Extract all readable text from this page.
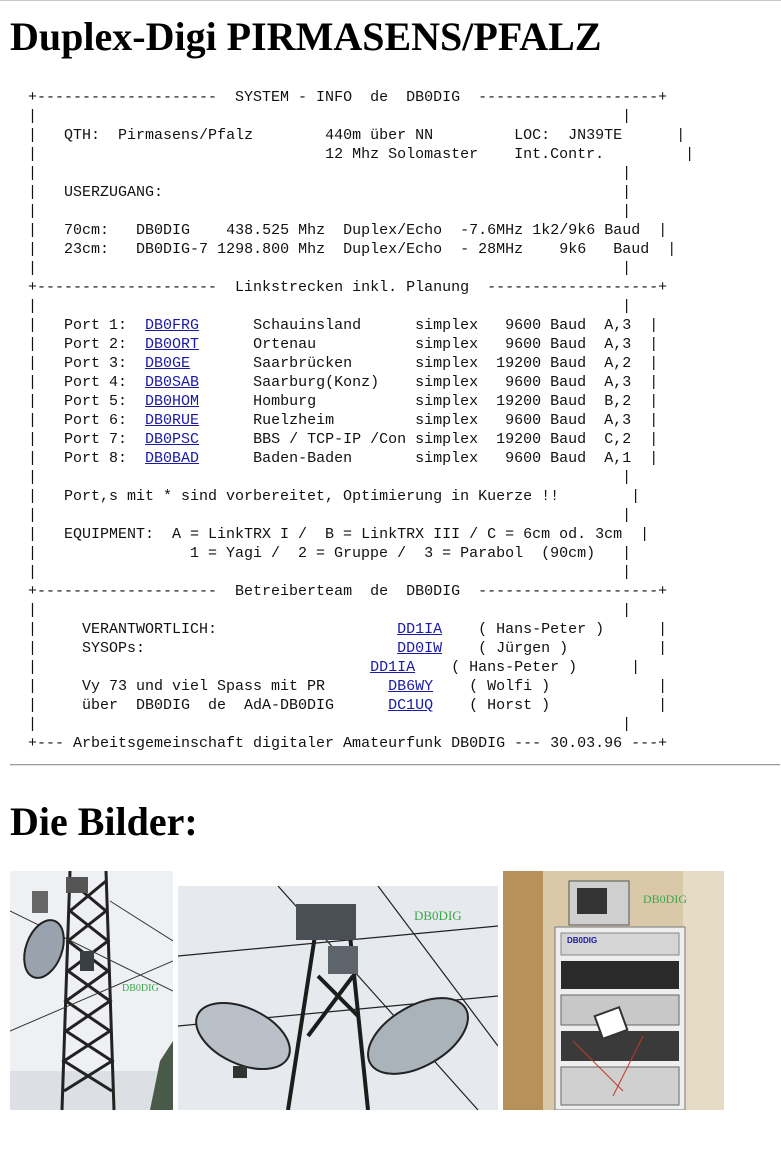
Duplex-Digi PIRMASENS/PFALZ
+--------------------  SYSTEM - INFO  de  DB0DIG  --------------------+
|                                                                 |
|   QTH: Pirmasens/Pfalz	440m über NN	LOC: JN39TE	|
|	12 Mhz Solomaster Int.Contr.	|
|                                                                 |
|   USERZUGANG:	|
|                                                                 |
|   70cm: DB0DIG 438.525 Mhz Duplex/Echo -7.6MHz 1k2/9k6 Baud  |
|   23cm: DB0DIG-7 1298.800 Mhz Duplex/Echo - 28MHz 9k6 Baud  |
|                                                                 |
+--------------------  Linkstrecken inkl. Planung  -------------------+
|                                                                 |
|   Port 1: DB0FRG	Schauinsland	simplex 9600 Baud A,3  |
|   Port 2: DB0ORT	Ortenau	simplex 9600 Baud A,3  |
|   Port 3: DB0GE	Saarbrücken	simplex 19200 Baud A,2  |
|   Port 4: DB0SAB	Saarburg(Konz) simplex 9600 Baud A,3  |
|   Port 5: DB0HOM	Homburg	simplex 19200 Baud B,2  |
|   Port 6: DB0RUE	Ruelzheim	simplex 9600 Baud A,3  |
|   Port 7: DB0PSC	BBS / TCP-IP /Con simplex 19200 Baud C,2  |
|   Port 8: DB0BAD	Baden-Baden	simplex 9600 Baud A,1  |
|                                                                 |
|   Port,s mit * sind vorbereitet, Optimierung in Kuerze !!	|
|                                                                 |
|   EQUIPMENT:  A = LinkTRX I /  B = LinkTRX III / C = 6cm od. 3cm  |
|	1 = Yagi /  2 = Gruppe /  3 = Parabol  (90cm)   |
|                                                                 |
+--------------------  Betreiberteam  de  DB0DIG  --------------------+
|                                                                 |
|	VERANTWORTLICH:	DD1IA ( Hans-Peter )	|
|	SYSOPs:	DD0IW ( Jürgen )	|
|	DD1IA ( Hans-Peter )	|
|	Vy 73 und viel Spass mit PR	DB6WY ( Wolfi )	|
|	über  DB0DIG  de  AdA-DB0DIG	DC1UQ ( Horst )	|
|                                                                 |
+--- Arbeitsgemeinschaft digitaler Amateurfunk DB0DIG --- 30.03.96 ---+
Die Bilder:
DB0DIG
DB0DIG
DB0DIG
DB0DIG
